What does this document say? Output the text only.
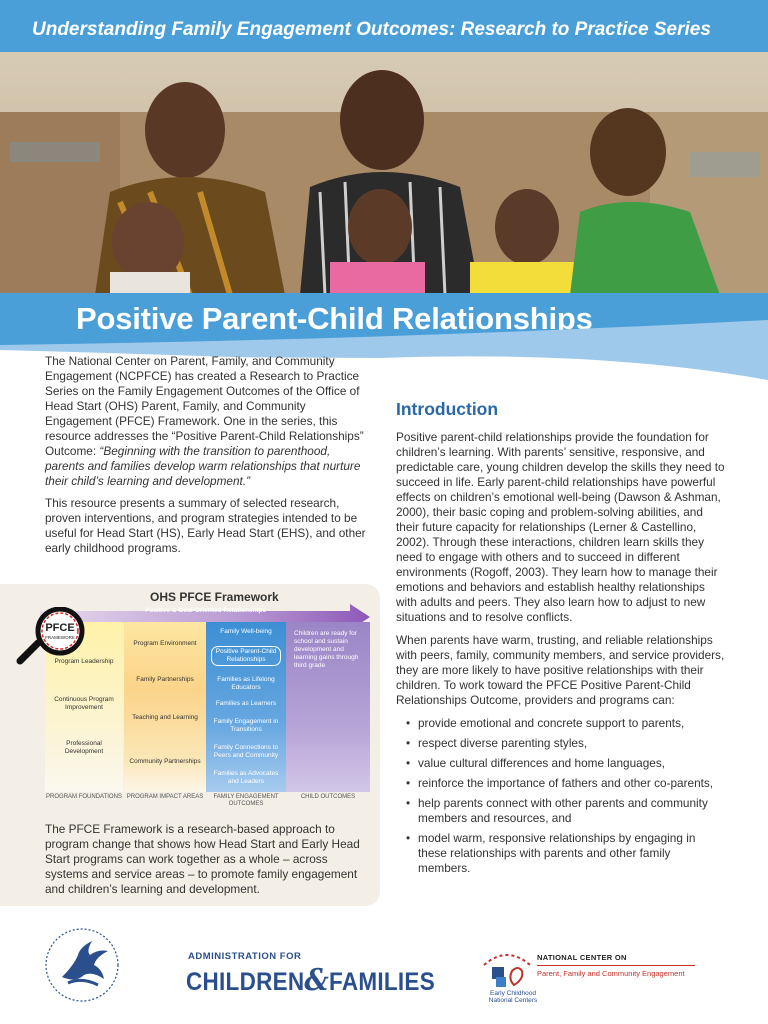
Understanding Family Engagement Outcomes: Research to Practice Series
Positive Parent-Child Relationships

The National Center on Parent, Family, and Community Engagement (NCPFCE) has created a Research to Practice Series on the Family Engagement Outcomes of the Office of Head Start (OHS) Parent, Family, and Community Engagement (PFCE) Framework. One in the series, this resource addresses the “Positive Parent-Child Relationships” Outcome: “Beginning with the transition to parenthood, parents and families develop warm relationships that nurture their child’s learning and development.”

This resource presents a summary of selected research, proven interventions, and program strategies intended to be useful for Head Start (HS), Early Head Start (EHS), and other early childhood programs.

OHS PFCE Framework
Positive & Goal-Oriented Relationships
Program Leadership
Continuous Program Improvement
Professional Development
Program Environment
Family Partnerships
Teaching and Learning
Community Partnerships
Family Well-being
Positive Parent-Child Relationships
Families as Lifelong Educators
Families as Learners
Family Engagement in Transitions
Family Connections to Peers and Community
Families as Advocates and Leaders
Children are ready for school and sustain development and learning gains through third grade
PROGRAM FOUNDATIONS PROGRAM IMPACT AREAS	FAMILY ENGAGEMENT OUTCOMES
CHILD OUTCOMES
PFCE
FRAMEWORK
The PFCE Framework is a research-based approach to program change that shows how Head Start and Early Head Start programs can work together as a whole – across systems and service areas – to promote family engagement and children’s learning and development.
Introduction

Positive parent-child relationships provide the foundation for children’s learning. With parents’ sensitive, responsive, and predictable care, young children develop the skills they need to succeed in life. Early parent-child relationships have powerful effects on children’s emotional well-being (Dawson & Ashman, 2000), their basic coping and problem-solving abilities, and their future capacity for relationships (Lerner & Castellino, 2002). Through these interactions, children learn skills they need to engage with others and to succeed in different environments (Rogoff, 2003). They learn how to manage their emotions and behaviors and establish healthy relationships with adults and peers. They also learn how to adjust to new situations and to resolve conflicts.

When parents have warm, trusting, and reliable relationships with peers, family, community members, and service providers, they are more likely to have positive relationships with their children. To work toward the PFCE Positive Parent-Child Relationships Outcome, providers and programs can:

• provide emotional and concrete support to parents,
• respect diverse parenting styles,
• value cultural differences and home languages,
• reinforce the importance of fathers and other co-parents,
• help parents connect with other parents and community members and resources, and
• model warm, responsive relationships by engaging in these relationships with parents and other family members.
ADMINISTRATION FOR
CHILDREN&FAMILIES	Early Childhood National Centers
NATIONAL CENTER ON
Parent, Family and Community Engagement
